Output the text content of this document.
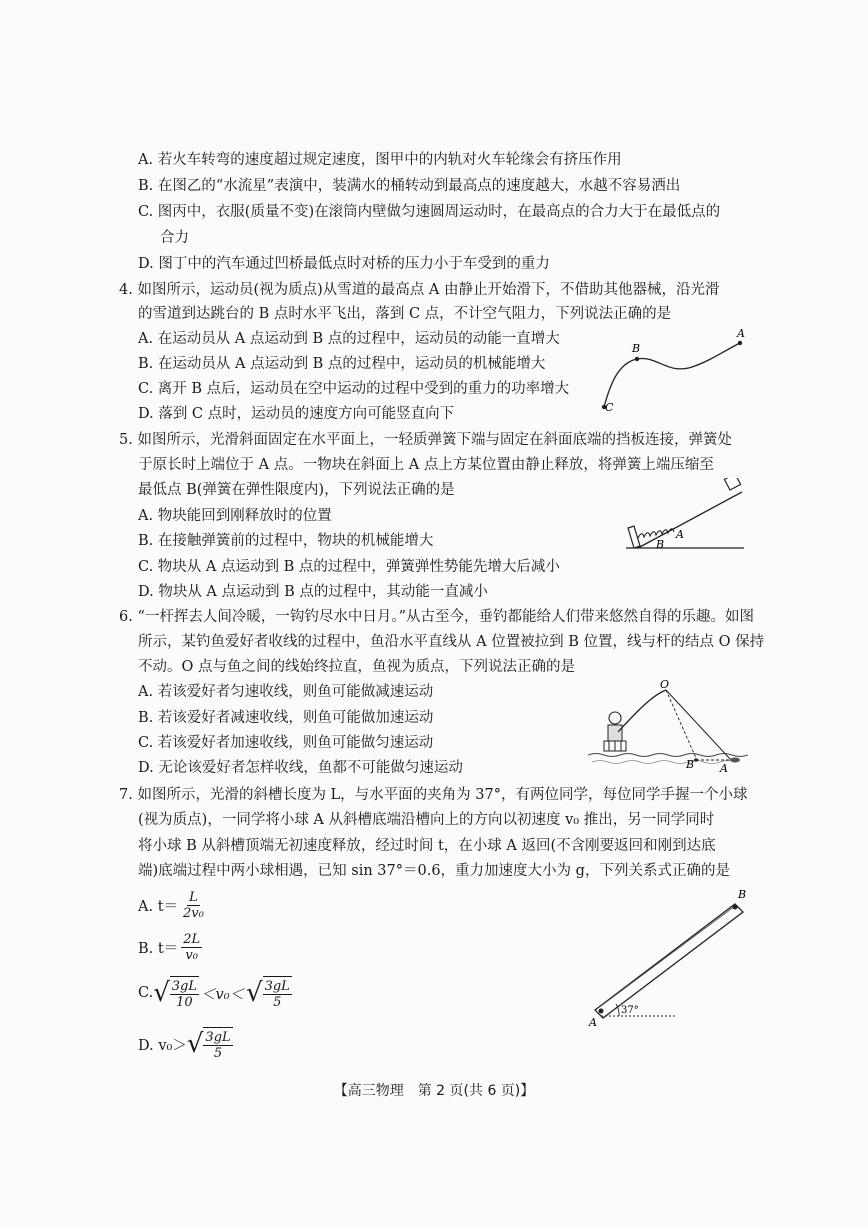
A. 若火车转弯的速度超过规定速度，图甲中的内轨对火车轮缘会有挤压作用
B. 在图乙的“水流星”表演中，装满水的桶转动到最高点的速度越大，水越不容易洒出
C. 图丙中，衣服(质量不变)在滚筒内壁做匀速圆周运动时，在最高点的合力大于在最低点的
合力
D. 图丁中的汽车通过凹桥最低点时对桥的压力小于车受到的重力
4. 如图所示，运动员(视为质点)从雪道的最高点 A 由静止开始滑下，不借助其他器械，沿光滑
的雪道到达跳台的 B 点时水平飞出，落到 C 点，不计空气阻力，下列说法正确的是
A. 在运动员从 A 点运动到 B 点的过程中，运动员的动能一直增大
B. 在运动员从 A 点运动到 B 点的过程中，运动员的机械能增大
C. 离开 B 点后，运动员在空中运动的过程中受到的重力的功率增大
D. 落到 C 点时，运动员的速度方向可能竖直向下	C
B
A
5. 如图所示，光滑斜面固定在水平面上，一轻质弹簧下端与固定在斜面底端的挡板连接，弹簧处
于原长时上端位于 A 点。一物块在斜面上 A 点上方某位置由静止释放，将弹簧上端压缩至
最低点 B(弹簧在弹性限度内)，下列说法正确的是
A. 物块能回到刚释放时的位置
B. 在接触弹簧前的过程中，物块的机械能增大
C. 物块从 A 点运动到 B 点的过程中，弹簧弹性势能先增大后减小
D. 物块从 A 点运动到 B 点的过程中，其动能一直减小
A
B
6. “一杆挥去人间冷暖，一钩钓尽水中日月。”从古至今，垂钓都能给人们带来悠然自得的乐趣。如图
所示，某钓鱼爱好者收线的过程中，鱼沿水平直线从 A 位置被拉到 B 位置，线与杆的结点 O 保持
不动。O 点与鱼之间的线始终拉直，鱼视为质点，下列说法正确的是
A. 若该爱好者匀速收线，则鱼可能做减速运动
B. 若该爱好者减速收线，则鱼可能做加速运动
C. 若该爱好者加速收线，则鱼可能做匀速运动
D. 无论该爱好者怎样收线，鱼都不可能做匀速运动
O
B A
7. 如图所示，光滑的斜槽长度为 L，与水平面的夹角为 37°，有两位同学，每位同学手握一个小球
(视为质点)，一同学将小球 A 从斜槽底端沿槽向上的方向以初速度 v₀ 推出，另一同学同时
将小球 B 从斜槽顶端无初速度释放，经过时间 t，在小球 A 返回(不含刚要返回和刚到达底
端)底端过程中两小球相遇，已知 sin 37°＝0.6，重力加速度大小为 g，下列关系式正确的是
A. $t= \frac{L}{\text{2v₀}}$
B. $t= \frac{2L}{\text{v₀}}$
C. √ $\frac{3gL}{10} <v_0<$ √ $\frac{3gL}{5}$
D. v₀＞ √ $\frac{3gL}{5}$
A
B
37°
【高三物理　第 2 页(共 6 页)】
